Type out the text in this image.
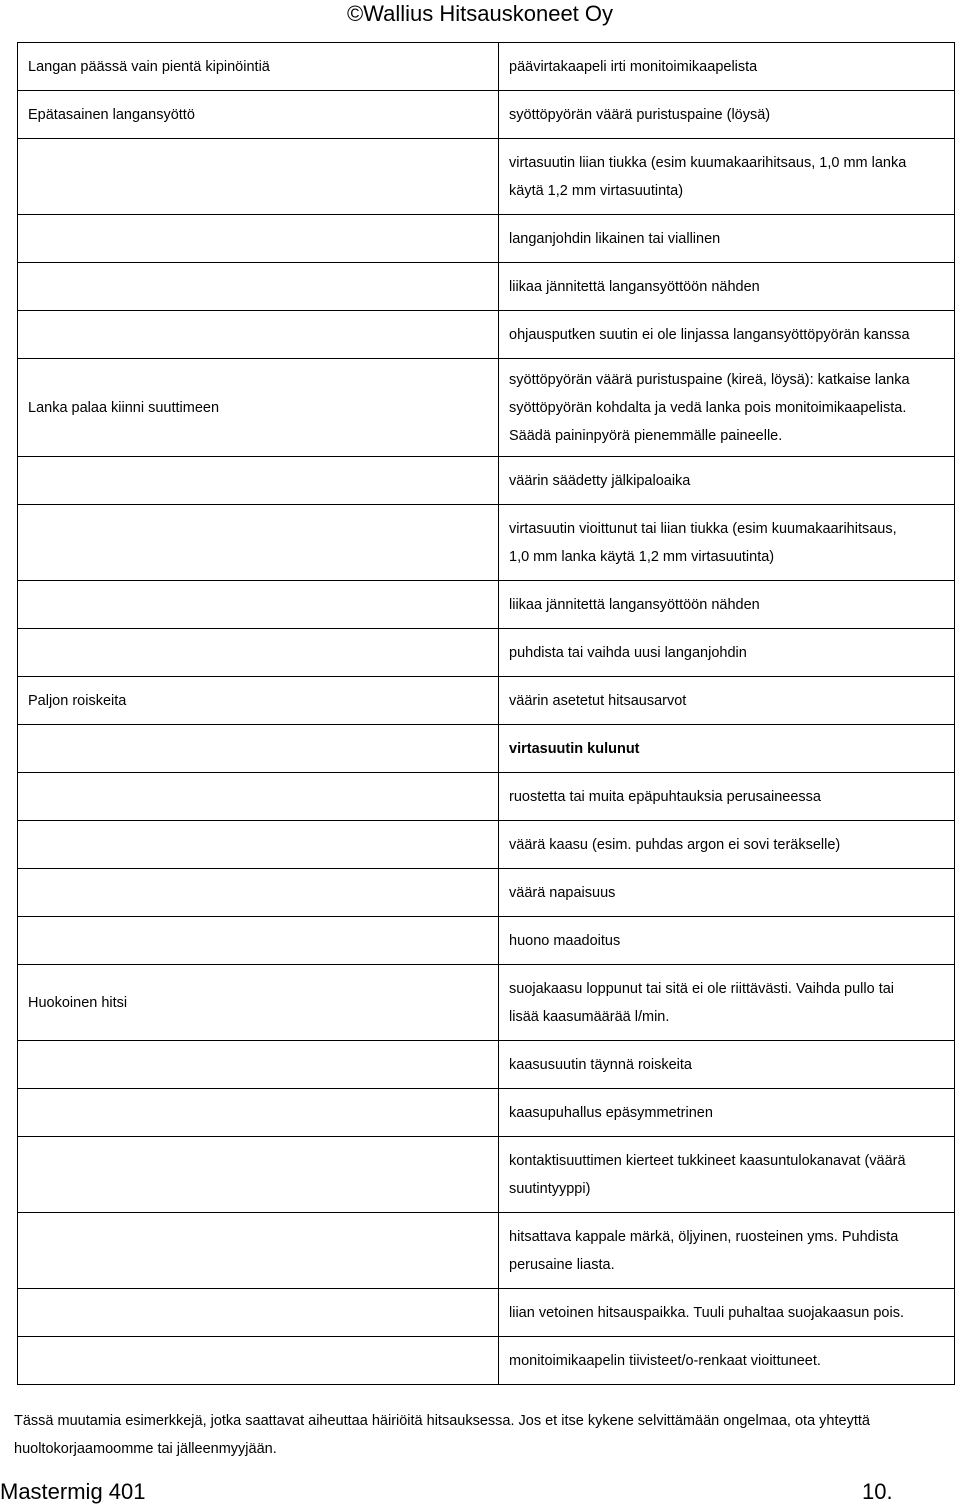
©Wallius Hitsauskoneet Oy
Langan päässä vain pientä kipinöintiä	päävirtakaapeli irti monitoimikaapelista

Epätasainen langansyöttö	syöttöpyörän väärä puristuspaine (löysä)

	virtasuutin liian tiukka (esim kuumakaarihitsaus, 1,0 mm lanka
käytä 1,2 mm virtasuutinta)

	langanjohdin likainen tai viallinen

	liikaa jännitettä langansyöttöön nähden

	ohjausputken suutin ei ole linjassa langansyöttöpyörän kanssa

Lanka palaa kiinni suuttimeen	syöttöpyörän väärä puristuspaine (kireä, löysä): katkaise lanka
syöttöpyörän kohdalta ja vedä lanka pois monitoimikaapelista.
Säädä paininpyörä pienemmälle paineelle.

	väärin säädetty jälkipaloaika

	virtasuutin vioittunut tai liian tiukka (esim kuumakaarihitsaus,
1,0 mm lanka käytä 1,2 mm virtasuutinta)

	liikaa jännitettä langansyöttöön nähden

	puhdista tai vaihda uusi langanjohdin

Paljon roiskeita	väärin asetetut hitsausarvot

	virtasuutin kulunut

	ruostetta tai muita epäpuhtauksia perusaineessa

	väärä kaasu (esim. puhdas argon ei sovi teräkselle)

	väärä napaisuus

	huono maadoitus

Huokoinen hitsi	suojakaasu loppunut tai sitä ei ole riittävästi. Vaihda pullo tai
lisää kaasumäärää l/min.

	kaasusuutin täynnä roiskeita

	kaasupuhallus epäsymmetrinen

	kontaktisuuttimen kierteet tukkineet kaasuntulokanavat (väärä
suutintyyppi)

	hitsattava kappale märkä, öljyinen, ruosteinen yms. Puhdista
perusaine liasta.

	liian vetoinen hitsauspaikka. Tuuli puhaltaa suojakaasun pois.

	monitoimikaapelin tiivisteet/o-renkaat vioittuneet.
Tässä muutamia esimerkkejä, jotka saattavat aiheuttaa häiriöitä hitsauksessa. Jos et itse kykene selvittämään ongelmaa, ota yhteyttä huoltokorjaamoomme tai jälleenmyyjään.
Mastermig 401	10.
